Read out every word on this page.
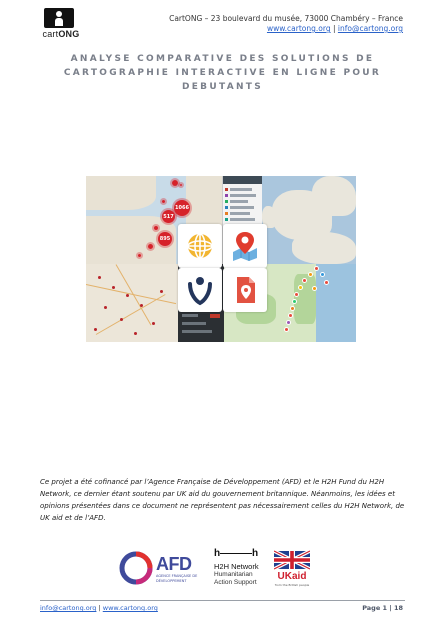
cartONG
CartONG – 23 boulevard du musée, 73000 Chambéry – France
www.cartong.org | info@cartong.org
ANALYSE COMPARATIVE DES SOLUTIONS DE CARTOGRAPHIE INTERACTIVE EN LIGNE POUR DEBUTANTS
1066
517
895
Ce projet a été cofinancé par l’Agence Française de Développement (AFD) et le H2H Fund du H2H Network, ce dernier étant soutenu par UK aid du gouvernement britannique. Néanmoins, les idées et opinions présentées dans ce document ne représentent pas nécessairement celles du H2H Network, de UK aid et de l’AFD.
AFD
AGENCE FRANÇAISE DE DÉVELOPPEMENT
h	h
H2H Network
Humanitarian
Action Support
UKaid
from the British people
info@cartong.org | www.cartong.org	Page 1 | 18
